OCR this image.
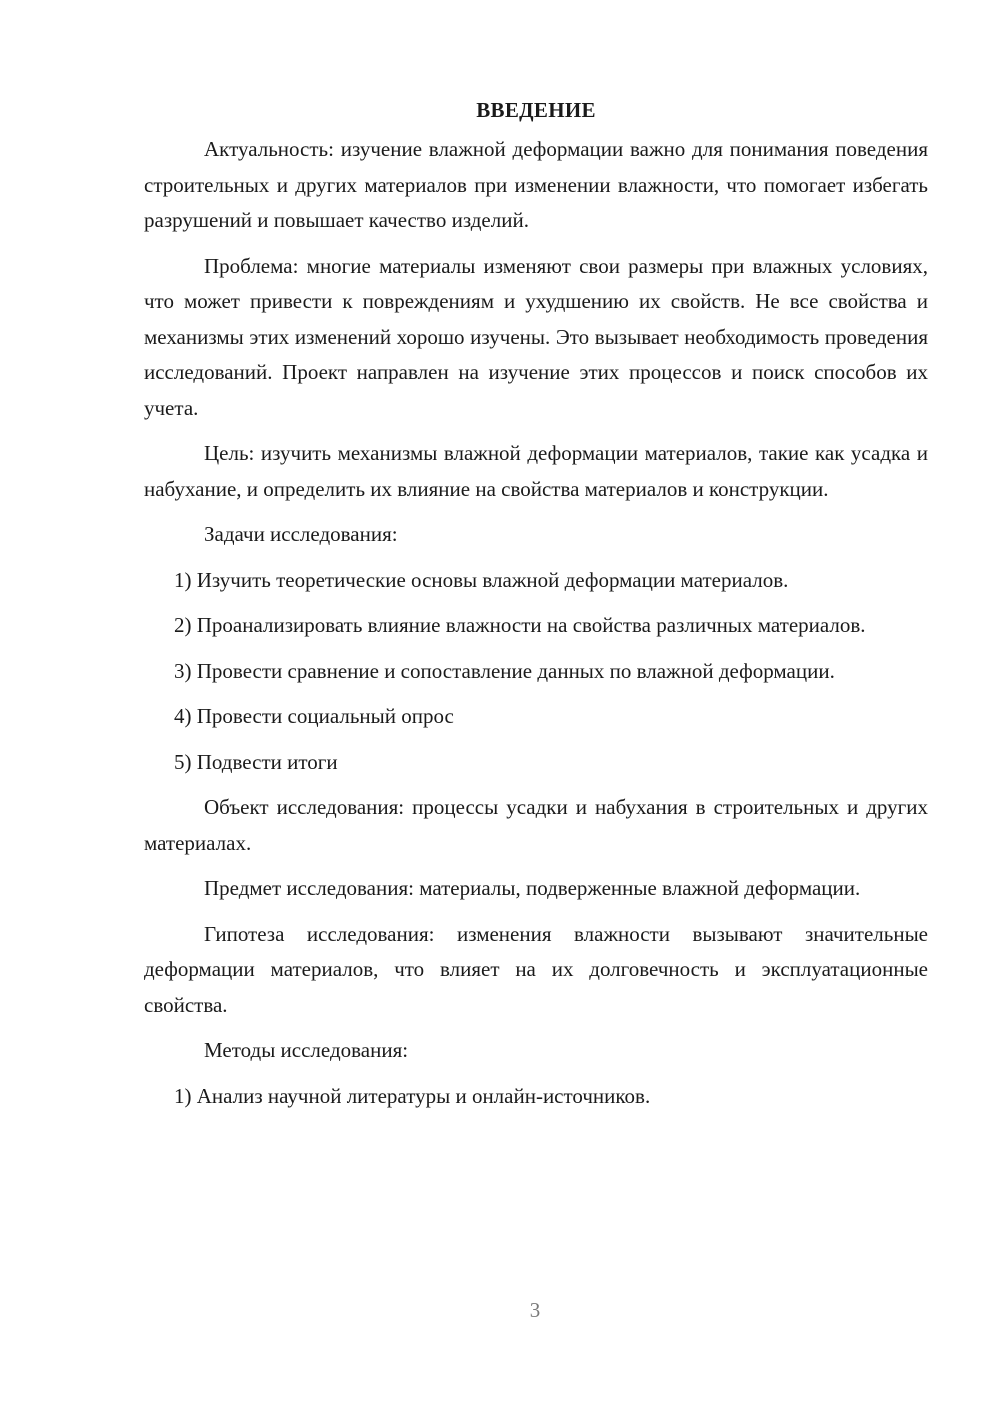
ВВЕДЕНИЕ

Актуальность: изучение влажной деформации важно для понимания поведения строительных и других материалов при изменении влажности, что помогает избегать разрушений и повышает качество изделий.

Проблема: многие материалы изменяют свои размеры при влажных условиях, что может привести к повреждениям и ухудшению их свойств. Не все свойства и механизмы этих изменений хорошо изучены. Это вызывает необходимость проведения исследований. Проект направлен на изучение этих процессов и поиск способов их учета.

Цель: изучить механизмы влажной деформации материалов, такие как усадка и набухание, и определить их влияние на свойства материалов и конструкции.

Задачи исследования:

1) Изучить теоретические основы влажной деформации материалов.

2) Проанализировать влияние влажности на свойства различных материалов.

3) Провести сравнение и сопоставление данных по влажной деформации.

4) Провести социальный опрос

5) Подвести итоги

Объект исследования: процессы усадки и набухания в строительных и других материалах.

Предмет исследования: материалы, подверженные влажной деформации.

Гипотеза исследования: изменения влажности вызывают значительные деформации материалов, что влияет на их долговечность и эксплуатационные свойства.

Методы исследования:

1) Анализ научной литературы и онлайн-источников.

3
